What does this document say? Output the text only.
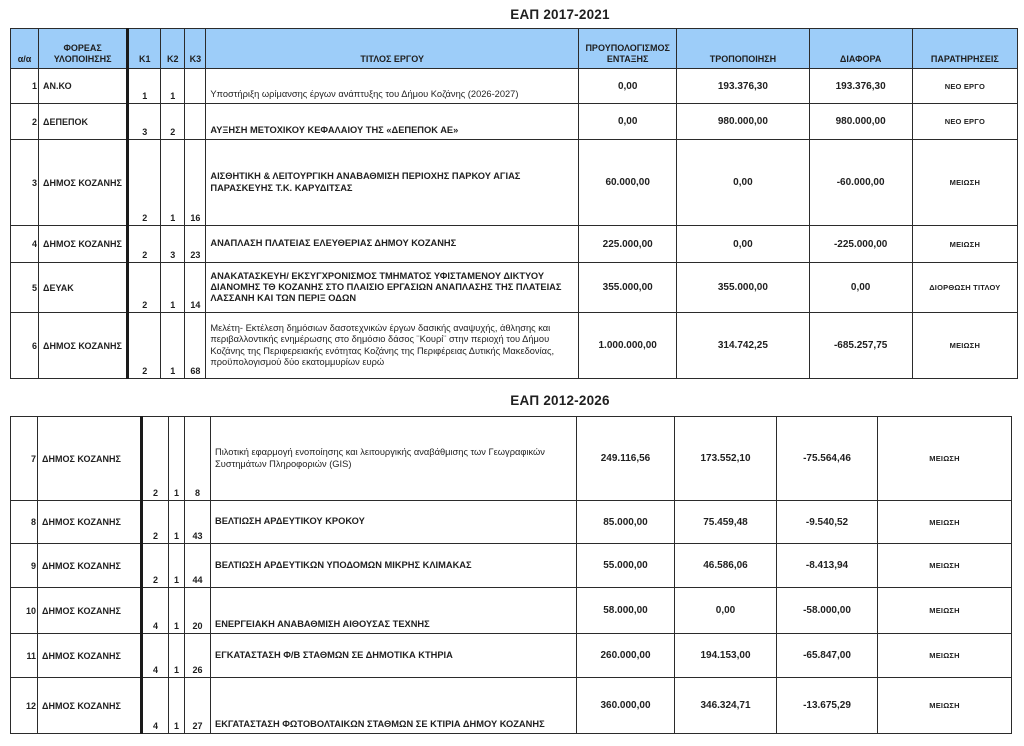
ΕΑΠ 2017-2021
α/α	ΦΟΡΕΑΣ ΥΛΟΠΟΙΗΣΗΣ	Κ1	Κ2	Κ3	ΤΙΤΛΟΣ ΕΡΓΟΥ	ΠΡΟΥΠΟΛΟΓΙΣΜΟΣ ΕΝΤΑΞΗΣ	ΤΡΟΠΟΠΟΙΗΣΗ	ΔΙΑΦΟΡΑ	ΠΑΡΑΤΗΡΗΣΕΙΣ
1	ΑΝ.ΚΟ	1	1		Υποστήριξη ωρίμανσης έργων ανάπτυξης του Δήμου Κοζάνης (2026-2027)	0,00	193.376,30	193.376,30	ΝΕΟ ΕΡΓΟ
2	ΔΕΠΕΠΟΚ	3	2		ΑΥΞΗΣΗ ΜΕΤΟΧΙΚΟΥ ΚΕΦΑΛΑΙΟΥ ΤΗΣ «ΔΕΠΕΠΟΚ ΑΕ»	0,00	980.000,00	980.000,00	ΝΕΟ ΕΡΓΟ
3	ΔΗΜΟΣ ΚΟΖΑΝΗΣ	2	1	16	ΑΙΣΘΗΤΙΚΗ & ΛΕΙΤΟΥΡΓΙΚΗ ΑΝΑΒΑΘΜΙΣΗ ΠΕΡΙΟΧΗΣ ΠΑΡΚΟΥ ΑΓΙΑΣ ΠΑΡΑΣΚΕΥΗΣ Τ.Κ. ΚΑΡΥΔΙΤΣΑΣ	60.000,00	0,00	-60.000,00	ΜΕΙΩΣΗ
4	ΔΗΜΟΣ ΚΟΖΑΝΗΣ	2	3	23	ΑΝΑΠΛΑΣΗ ΠΛΑΤΕΙΑΣ ΕΛΕΥΘΕΡΙΑΣ ΔΗΜΟΥ ΚΟΖΑΝΗΣ	225.000,00	0,00	-225.000,00	ΜΕΙΩΣΗ
5	ΔΕΥΑΚ	2	1	14	ΑΝΑΚΑΤΑΣΚΕΥΗ/ ΕΚΣΥΓΧΡΟΝΙΣΜΟΣ ΤΜΗΜΑΤΟΣ ΥΦΙΣΤΑΜΕΝΟΥ ΔΙΚΤΥΟΥ ΔΙΑΝΟΜΗΣ ΤΘ ΚΟΖΑΝΗΣ ΣΤΟ ΠΛΑΙΣΙΟ ΕΡΓΑΣΙΩΝ ΑΝΑΠΛΑΣΗΣ ΤΗΣ ΠΛΑΤΕΙΑΣ ΛΑΣΣΑΝΗ ΚΑΙ ΤΩΝ ΠΕΡΙΞ ΟΔΩΝ	355.000,00	355.000,00	0,00	ΔΙΟΡΘΩΣΗ ΤΙΤΛΟΥ
6	ΔΗΜΟΣ ΚΟΖΑΝΗΣ	2	1	68	Μελέτη- Εκτέλεση δημόσιων δασοτεχνικών έργων δασικής αναψυχής, άθλησης και περιβαλλοντικής ενημέρωσης στο δημόσιο δάσος ¨Κουρί¨ στην περιοχή του Δήμου Κοζάνης της Περιφερειακής ενότητας Κοζάνης της Περιφέρειας Δυτικής Μακεδονίας, προϋπολογισμού δύο εκατομμυρίων ευρώ	1.000.000,00	314.742,25	-685.257,75	ΜΕΙΩΣΗ
ΕΑΠ 2012-2026
7	ΔΗΜΟΣ ΚΟΖΑΝΗΣ	2	1	8	Πιλοτική εφαρμογή ενοποίησης και λειτουργικής αναβάθμισης των Γεωγραφικών Συστημάτων Πληροφοριών (GIS)	249.116,56	173.552,10	-75.564,46	ΜΕΙΩΣΗ
8	ΔΗΜΟΣ ΚΟΖΑΝΗΣ	2	1	43	ΒΕΛΤΙΩΣΗ ΑΡΔΕΥΤΙΚΟΥ ΚΡΟΚΟΥ	85.000,00	75.459,48	-9.540,52	ΜΕΙΩΣΗ
9	ΔΗΜΟΣ ΚΟΖΑΝΗΣ	2	1	44	ΒΕΛΤΙΩΣΗ ΑΡΔΕΥΤΙΚΩΝ ΥΠΟΔΟΜΩΝ ΜΙΚΡΗΣ ΚΛΙΜΑΚΑΣ	55.000,00	46.586,06	-8.413,94	ΜΕΙΩΣΗ
10	ΔΗΜΟΣ ΚΟΖΑΝΗΣ	4	1	20	ΕΝΕΡΓΕΙΑΚΗ ΑΝΑΒΑΘΜΙΣΗ ΑΙΘΟΥΣΑΣ ΤΕΧΝΗΣ	58.000,00	0,00	-58.000,00	ΜΕΙΩΣΗ
11	ΔΗΜΟΣ ΚΟΖΑΝΗΣ	4	1	26	ΕΓΚΑΤΑΣΤΑΣΗ Φ/Β ΣΤΑΘΜΩΝ ΣΕ ΔΗΜΟΤΙΚΑ ΚΤΗΡΙΑ	260.000,00	194.153,00	-65.847,00	ΜΕΙΩΣΗ
12	ΔΗΜΟΣ ΚΟΖΑΝΗΣ	4	1	27	ΕΚΓΑΤΑΣΤΑΣΗ ΦΩΤΟΒΟΛΤΑΙΚΩΝ ΣΤΑΘΜΩΝ ΣΕ ΚΤΙΡΙΑ ΔΗΜΟΥ ΚΟΖΑΝΗΣ	360.000,00	346.324,71	-13.675,29	ΜΕΙΩΣΗ
